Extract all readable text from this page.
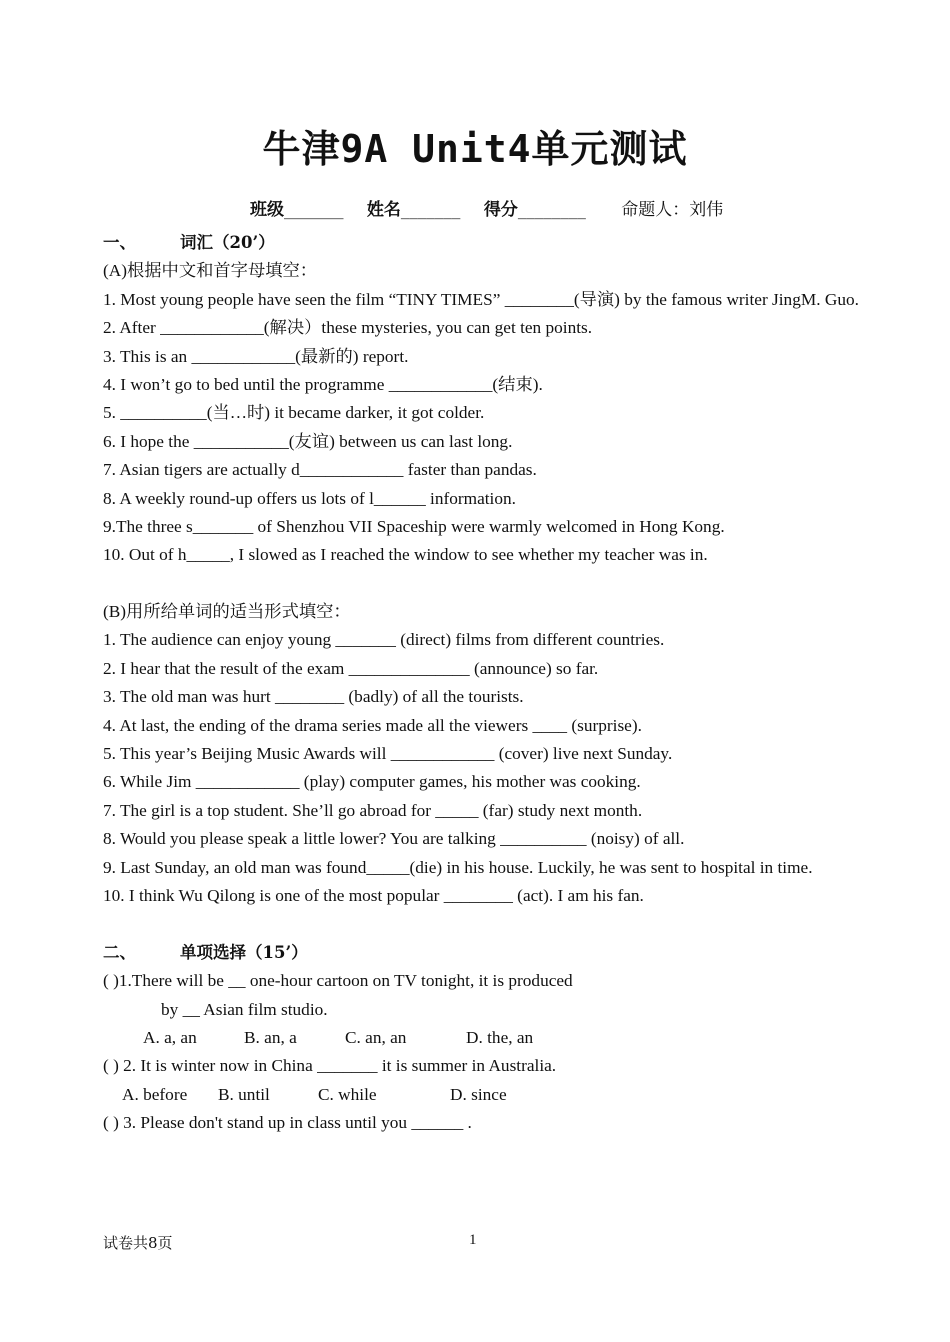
牛津9A Unit4单元测试
班级_______ 姓名_______ 得分________ 命题人：刘伟
一、	词汇（20’）
(A)根据中文和首字母填空：
1. Most young people have seen the film “TINY TIMES” ________(导演) by the famous writer JingM. Guo.
2. After ____________(解决）these mysteries, you can get ten points.
3. This is an ____________(最新的) report.
4. I won’t go to bed until the programme ____________(结束).
5. __________(当…时) it became darker, it got colder.
6. I hope the ___________(友谊) between us can last long.
7. Asian tigers are actually d____________ faster than pandas.
8. A weekly round-up offers us lots of l______ information.
9.The three s_______ of Shenzhou VII Spaceship were warmly welcomed in Hong Kong.
10. Out of h_____, I slowed as I reached the window to see whether my teacher was in.
(B)用所给单词的适当形式填空：
1. The audience can enjoy young _______ (direct) films from different countries.
2. I hear that the result of the exam ______________ (announce) so far.
3. The old man was hurt ________ (badly) of all the tourists.
4. At last, the ending of the drama series made all the viewers ____ (surprise).
5. This year’s Beijing Music Awards will ____________ (cover) live next Sunday.
6. While Jim ____________ (play) computer games, his mother was cooking.
7. The girl is a top student. She’ll go abroad for _____ (far) study next month.
8. Would you please speak a little lower? You are talking __________ (noisy) of all.
9. Last Sunday, an old man was found_____(die) in his house. Luckily, he was sent to hospital in time.
10. I think Wu Qilong is one of the most popular ________ (act). I am his fan.
二、	单项选择（15’）
( )1.There will be __ one-hour cartoon on TV tonight, it is produced
by __ Asian film studio.
A. a, an	B. an, a	C. an, an	D. the, an
( ) 2. It is winter now in China _______ it is summer in Australia.
A. before B. until	C. while	D. since
( ) 3. Please don't stand up in class until you ______ .
试卷共8页	1
